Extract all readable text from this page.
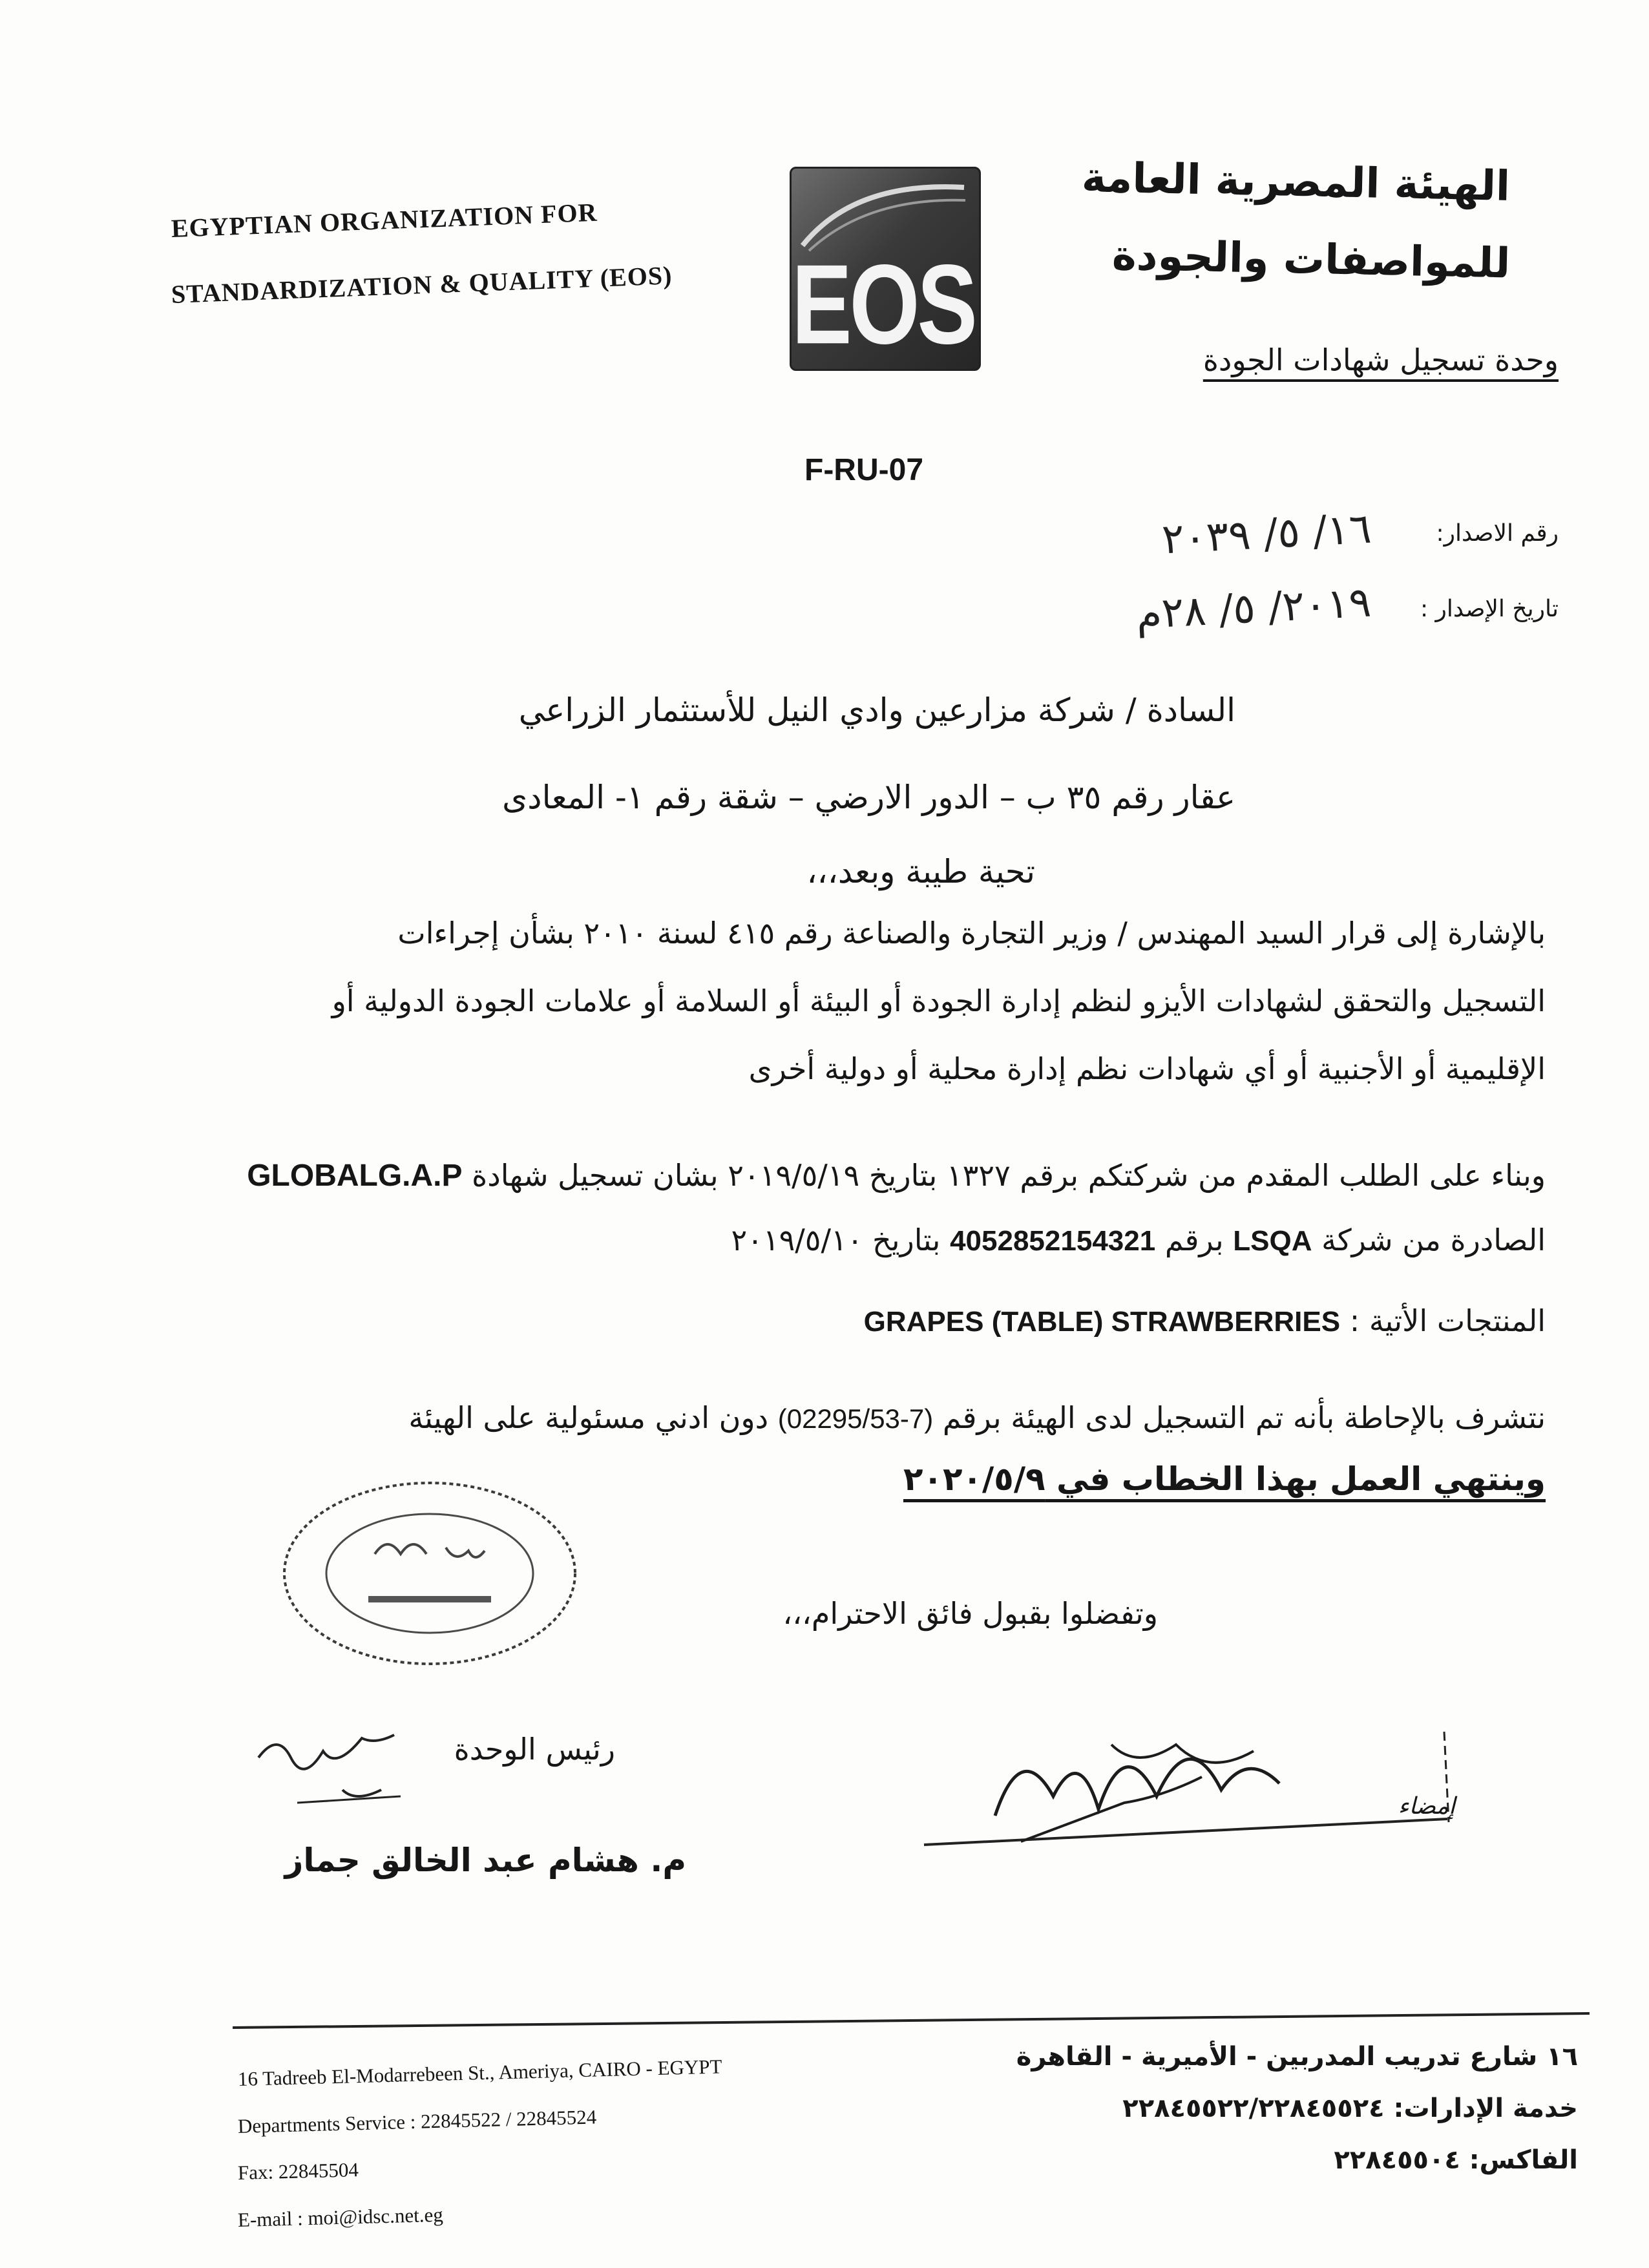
EGYPTIAN ORGANIZATION FOR
STANDARDIZATION & QUALITY (EOS)	EOS
الهيئة المصرية العامة
للمواصفات والجودة
وحدة تسجيل شهادات الجودة
F-RU-07
رقم الاصدار:
١٦/ ٥/ ٢٠٣٩
تاريخ الإصدار :
٢٠١٩/ ٥/ ٢٨م
السادة / شركة مزارعين وادي النيل للأستثمار الزراعي
عقار رقم ٣٥ ب – الدور الارضي – شقة رقم ١- المعادى
تحية طيبة وبعد،،،
بالإشارة إلى قرار السيد المهندس / وزير التجارة والصناعة رقم ٤١٥ لسنة ٢٠١٠ بشأن إجراءات
التسجيل والتحقق لشهادات الأيزو لنظم إدارة الجودة أو البيئة أو السلامة أو علامات الجودة الدولية أو
الإقليمية أو الأجنبية أو أي شهادات نظم إدارة محلية أو دولية أخرى
وبناء على الطلب المقدم من شركتكم برقم ١٣٢٧ بتاريخ ٢٠١٩/٥/١٩ بشان تسجيل شهادة GLOBALG.A.P
الصادرة من شركة LSQA برقم 4052852154321 بتاريخ ٢٠١٩/٥/١٠
المنتجات الأتية : GRAPES (TABLE) STRAWBERRIES
نتشرف بالإحاطة بأنه تم التسجيل لدى الهيئة برقم (02295/53-7) دون ادني مسئولية على الهيئة
وينتهي العمل بهذا الخطاب في ٢٠٢٠/٥/٩
وتفضلوا بقبول فائق الاحترام،،،
رئيس الوحدة
م. هشام عبد الخالق جماز
إمضاء
16 Tadreeb El-Modarrebeen St., Ameriya, CAIRO - EGYPT
Departments Service : 22845522 / 22845524
Fax: 22845504
E-mail : moi@idsc.net.eg
١٦ شارع تدريب المدربين - الأميرية - القاهرة
خدمة الإدارات: ٢٢٨٤٥٥٢٢/٢٢٨٤٥٥٢٤
الفاكس: ٢٢٨٤٥٥٠٤
